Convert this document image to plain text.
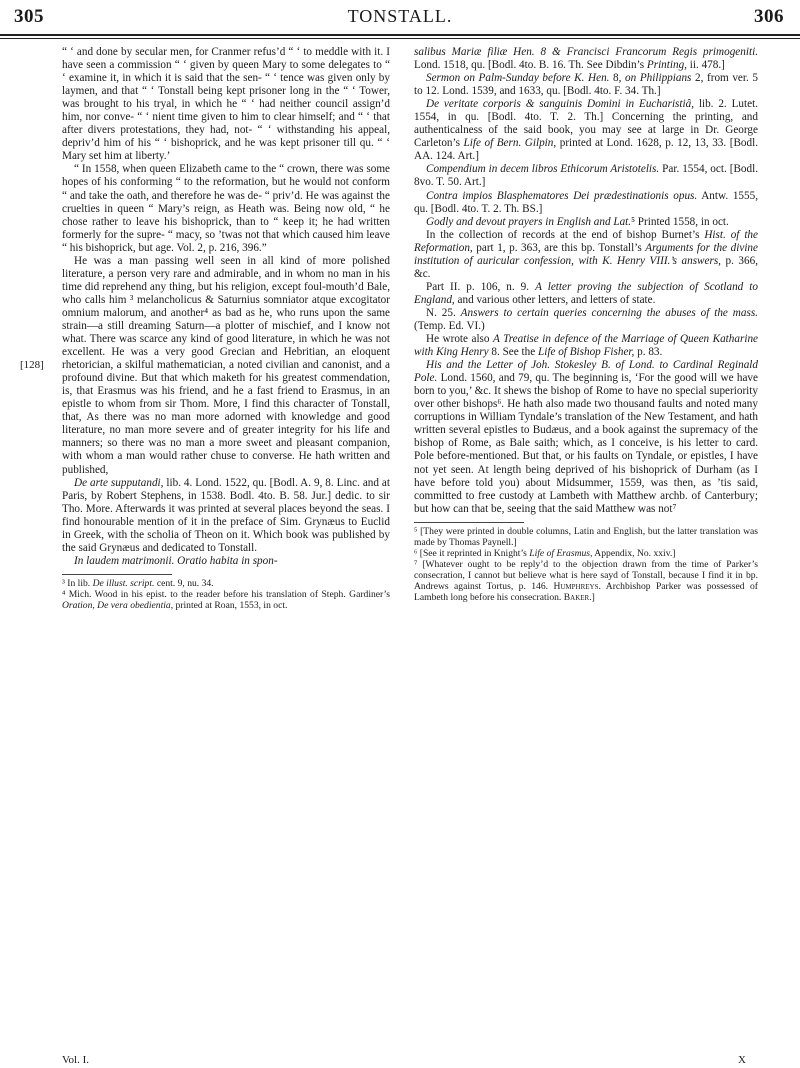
305	TONSTALL.	306
[128]

“ ‘ and done by secular men, for Cranmer refus’d “ ‘ to meddle with it. I have seen a commission “ ‘ given by queen Mary to some delegates to “ ‘ examine it, in which it is said that the sen- “ ‘ tence was given only by laymen, and that “ ‘ Tonstall being kept prisoner long in the “ ‘ Tower, was brought to his tryal, in which he “ ‘ had neither council assign’d him, nor conve- “ ‘ nient time given to him to clear himself; and “ ‘ that after divers protestations, they had, not- “ ‘ withstanding his appeal, depriv’d him of his “ ‘ bishoprick, and he was kept prisoner till qu. “ ‘ Mary set him at liberty.’

“ In 1558, when queen Elizabeth came to the “ crown, there was some hopes of his conforming “ to the reformation, but he would not conform “ and take the oath, and therefore he was de- “ priv’d. He was against the cruelties in queen “ Mary’s reign, as Heath was. Being now old, “ he chose rather to leave his bishoprick, than to “ keep it; he had written formerly for the supre- “ macy, so ’twas not that which caused him leave “ his bishoprick, but age. Vol. 2, p. 216, 396.”

He was a man passing well seen in all kind of more polished literature, a person very rare and admirable, and in whom no man in his time did reprehend any thing, but his religion, except foul-mouth’d Bale, who calls him ³ melancholicus & Saturnius somniator atque excogitator omnium malorum, and another⁴ as bad as he, who runs upon the same strain—a still dreaming Saturn—a plotter of mischief, and I know not what. There was scarce any kind of good literature, in which he was not excellent. He was a very good Grecian and Hebritian, an eloquent rhetorician, a skilful mathematician, a noted civilian and canonist, and a profound divine. But that which maketh for his greatest commendation, is, that Erasmus was his friend, and he a fast friend to Erasmus, in an epistle to whom from sir Thom. More, I find this character of Tonstall, that, As there was no man more adorned with knowledge and good literature, no man more severe and of greater integrity for his life and manners; so there was no man a more sweet and pleasant companion, with whom a man would rather chuse to converse. He hath written and published,

De arte supputandi, lib. 4. Lond. 1522, qu. [Bodl. A. 9, 8. Linc. and at Paris, by Robert Stephens, in 1538. Bodl. 4to. B. 58. Jur.] dedic. to sir Tho. More. Afterwards it was printed at several places beyond the seas. I find honourable mention of it in the preface of Sim. Grynæus to Euclid in Greek, with the scholia of Theon on it. Which book was published by the said Grynæus and dedicated to Tonstall.

In laudem matrimonii. Oratio habita in spon-

³ In lib. De illust. script. cent. 9, nu. 34.

⁴ Mich. Wood in his epist. to the reader before his translation of Steph. Gardiner’s Oration, De vera obedientia, printed at Roan, 1553, in oct.

salibus Mariæ filiæ Hen. 8 & Francisci Francorum Regis primogeniti. Lond. 1518, qu. [Bodl. 4to. B. 16. Th. See Dibdin’s Printing, ii. 478.]

Sermon on Palm-Sunday before K. Hen. 8, on Philippians 2, from ver. 5 to 12. Lond. 1539, and 1633, qu. [Bodl. 4to. F. 34. Th.]

De veritate corporis & sanguinis Domini in Eucharistiâ, lib. 2. Lutet. 1554, in qu. [Bodl. 4to. T. 2. Th.] Concerning the printing, and authenticalness of the said book, you may see at large in Dr. George Carleton’s Life of Bern. Gilpin, printed at Lond. 1628, p. 12, 13, 33. [Bodl. AA. 124. Art.]

Compendium in decem libros Ethicorum Aristotelis. Par. 1554, oct. [Bodl. 8vo. T. 50. Art.]

Contra impios Blasphematores Dei prædestinationis opus. Antw. 1555, qu. [Bodl. 4to. T. 2. Th. BS.]

Godly and devout prayers in English and Lat.⁵ Printed 1558, in oct.

In the collection of records at the end of bishop Burnet’s Hist. of the Reformation, part 1, p. 363, are this bp. Tonstall’s Arguments for the divine institution of auricular confession, with K. Henry VIII.’s answers, p. 366, &c.

Part II. p. 106, n. 9. A letter proving the subjection of Scotland to England, and various other letters, and letters of state.

N. 25. Answers to certain queries concerning the abuses of the mass. (Temp. Ed. VI.)

He wrote also A Treatise in defence of the Marriage of Queen Katharine with King Henry 8. See the Life of Bishop Fisher, p. 83.

His and the Letter of Joh. Stokesley B. of Lond. to Cardinal Reginald Pole. Lond. 1560, and 79, qu. The beginning is, ‘For the good will we have born to you,’ &c. It shews the bishop of Rome to have no special superiority over other bishops⁶. He hath also made two thousand faults and noted many corruptions in William Tyndale’s translation of the New Testament, and hath written several epistles to Budæus, and a book against the supremacy of the bishop of Rome, as Bale saith; which, as I conceive, is his letter to card. Pole before-mentioned. But that, or his faults on Tyndale, or epistles, I have not yet seen. At length being deprived of his bishoprick of Durham (as I have before told you) about Midsummer, 1559, was then, as ’tis said, committed to free custody at Lambeth with Matthew archb. of Canterbury; but how can that be, seeing that the said Matthew was not⁷

⁵ [They were printed in double columns, Latin and English, but the latter translation was made by Thomas Paynell.]

⁶ [See it reprinted in Knight’s Life of Erasmus, Appendix, No. xxiv.]

⁷ [Whatever ought to be reply’d to the objection drawn from the time of Parker’s consecration, I cannot but believe what is here sayd of Tonstall, because I find it in bp. Andrews against Tortus, p. 146. Humphreys. Archbishop Parker was possessed of Lambeth long before his consecration. Baker.]

Vol. I.	X
